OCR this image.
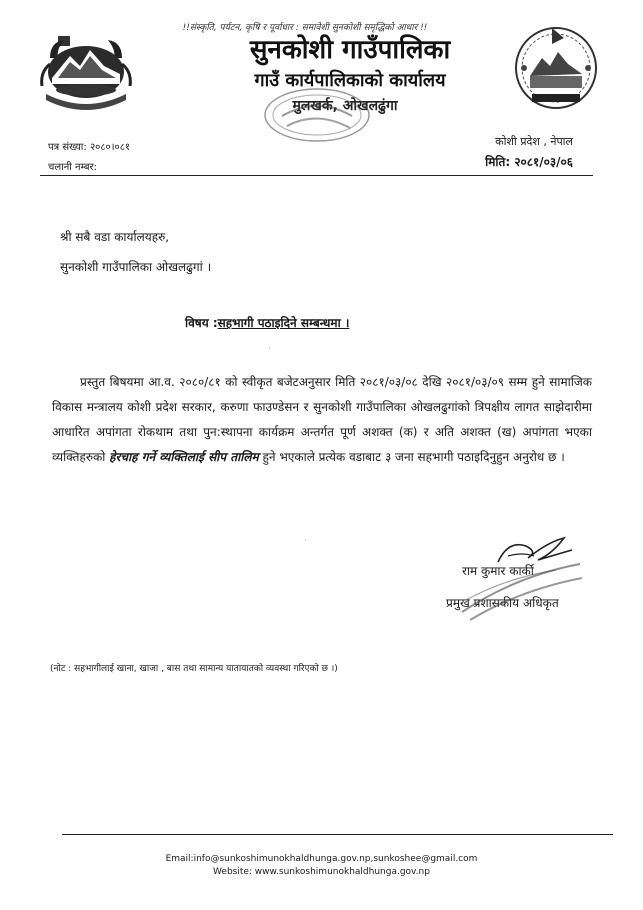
!!संस्कृति, पर्यटन, कृषि र पूर्वाधार : समावेशी सुनकोशी समृद्धिको आधार !!
सुनकोशी गाउँपालिका
गाउँ कार्यपालिकाको कार्यालय
मुलखर्क, ओखलढुंगा
पत्र संख्या: २०८०।०८१
चलानी नम्बर:
कोशी प्रदेश , नेपाल
मिति: २०८१/०३/०६
श्री सबै वडा कार्यालयहरु,
सुनकोशी गाउँपालिका ओखलढुगां ।
विषय :सहभागी पठाइदिने सम्बन्धमा ।
·
प्रस्तुत बिषयमा आ.व. २०८०/८१ को स्वीकृत बजेटअनुसार मिति २०८१/०३/०८ देखि २०८१/०३/०९ सम्म हुने सामाजिक विकास मन्त्रालय कोशी प्रदेश सरकार, करुणा फाउण्डेसन र सुनकोशी गाउँपालिका ओखलढुगांको त्रिपक्षीय लागत साझेदारीमा आधारित अपांगता रोकथाम तथा पुन:स्थापना कार्यक्रम अन्तर्गत पूर्ण अशक्त (क) र अति अशक्त (ख) अपांगता भएका व्यक्तिहरुको हेरचाह गर्ने व्यक्तिलाई सीप तालिम हुने भएकाले प्रत्येक वडाबाट ३ जना सहभागी पठाइदिनुहुन अनुरोध छ ।
·
राम कुमार कार्की
प्रमुख प्रशासकीय अधिकृत
(नोट : सहभागीलाई खाना, खाजा , बास तथा सामान्य यातायातको व्यवस्था गरिएको छ ।)
Email:info@sunkoshimunokhaldhunga.gov.np,sunkoshee@gmail.com
Website: www.sunkoshimunokhaldhunga.gov.np
